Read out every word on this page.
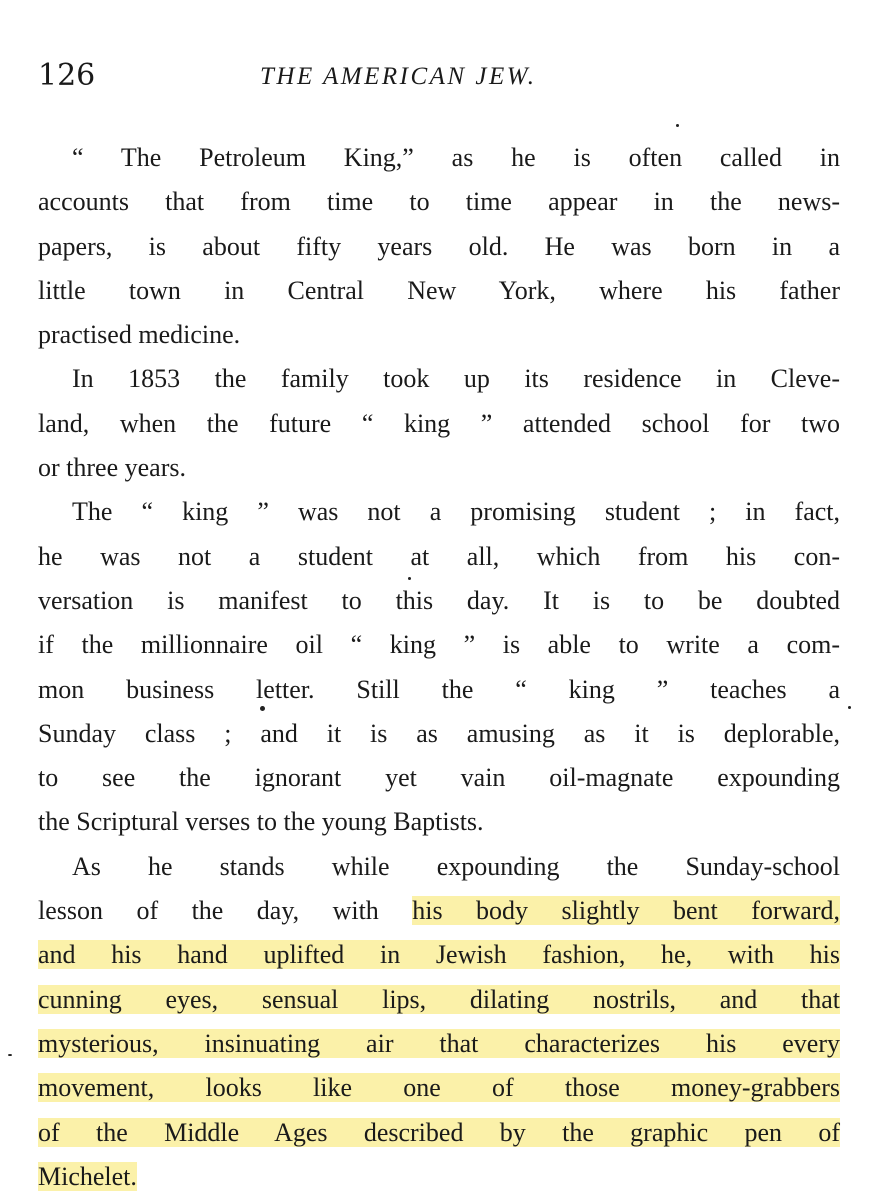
126	THE AMERICAN JEW.
“ The Petroleum King,” as he is often called in
accounts that from time to time appear in the news-
papers, is about fifty years old. He was born in a
little town in Central New York, where his father
practised medicine.
In 1853 the family took up its residence in Cleve-
land, when the future “ king ” attended school for two
or three years.
The “ king ” was not a promising student ; in fact,
he was not a student at all, which from his con-
versation is manifest to this day. It is to be doubted
if the millionnaire oil “ king ” is able to write a com-
mon business letter. Still the “ king ” teaches a
Sunday class ; and it is as amusing as it is deplorable,
to see the ignorant yet vain oil-magnate expounding
the Scriptural verses to the young Baptists.
As he stands while expounding the Sunday-school
lesson of the day, with his body slightly bent forward,
and his hand uplifted in Jewish fashion, he, with his
cunning eyes, sensual lips, dilating nostrils, and that
mysterious, insinuating air that characterizes his every
movement, looks like one of those money-grabbers
of the Middle Ages described by the graphic pen of
Michelet.
